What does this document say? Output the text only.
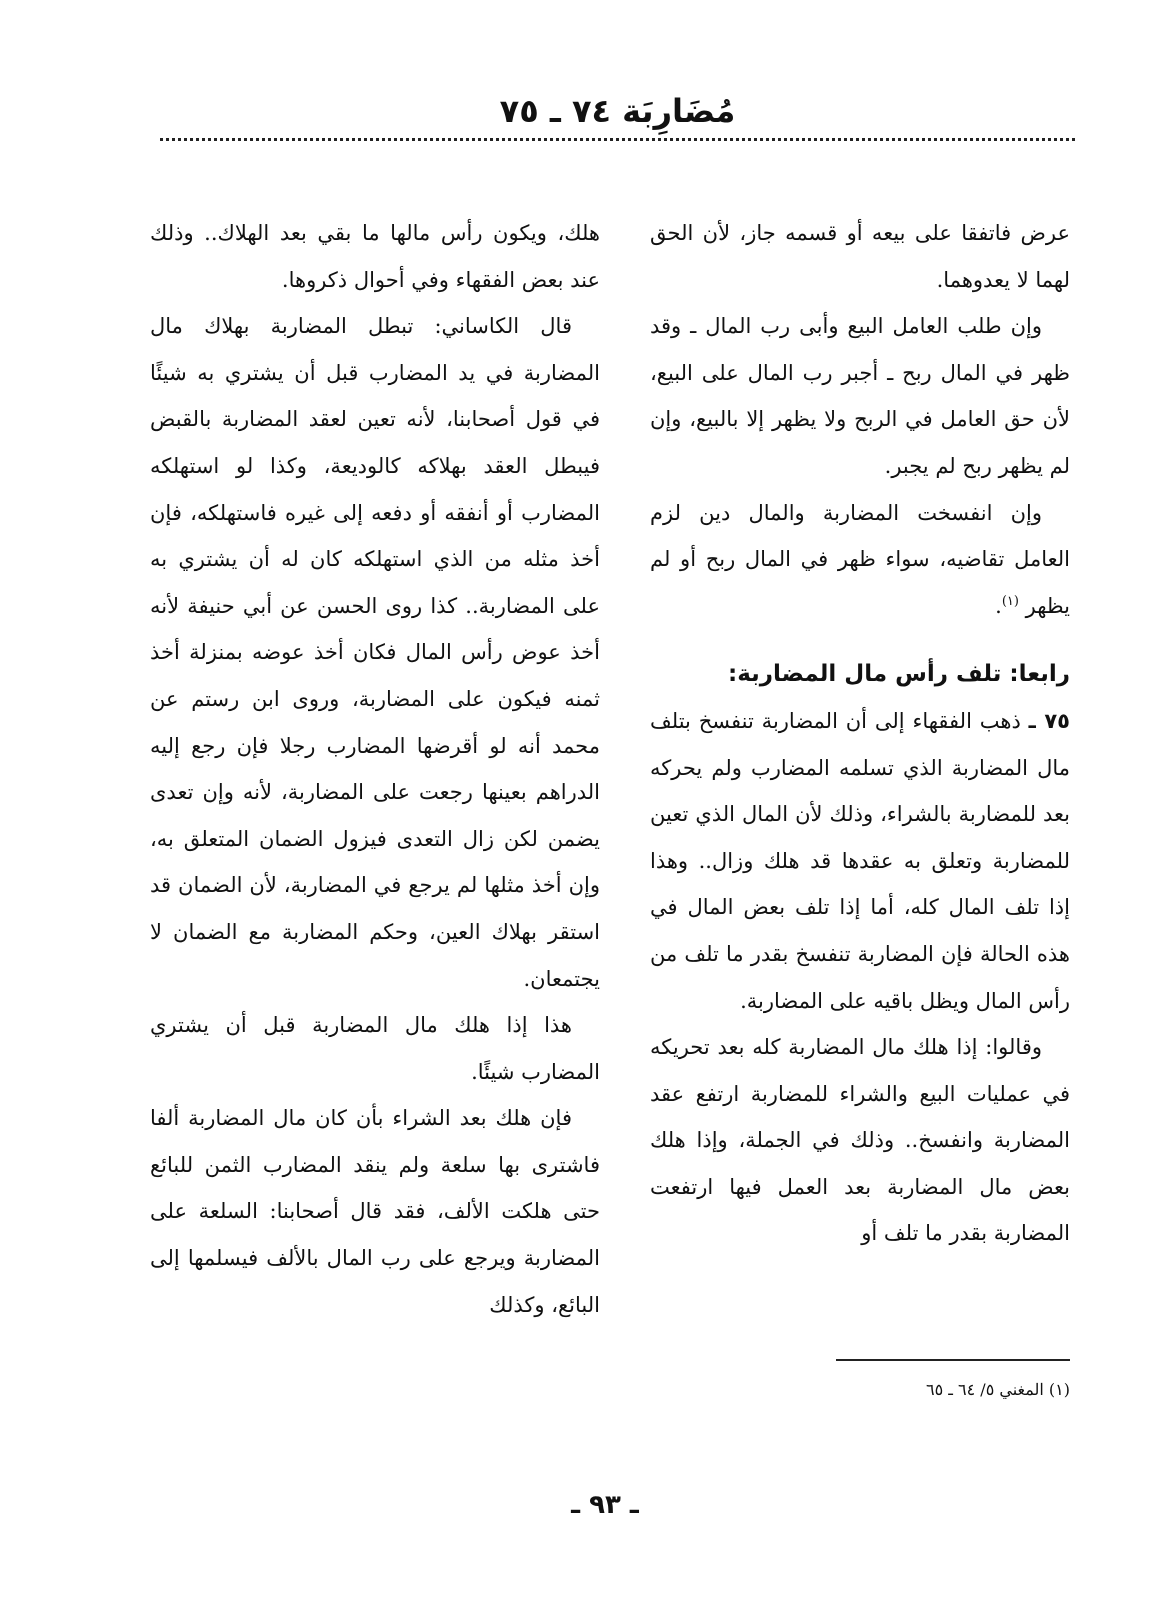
مُضَارِبَة ٧٤ ـ ٧٥

عرض فاتفقا على بيعه أو قسمه جاز، لأن الحق لهما لا يعدوهما.

وإن طلب العامل البيع وأبى رب المال ـ وقد ظهر في المال ربح ـ أجبر رب المال على البيع، لأن حق العامل في الربح ولا يظهر إلا بالبيع، وإن لم يظهر ربح لم يجبر.

وإن انفسخت المضاربة والمال دين لزم العامل تقاضيه، سواء ظهر في المال ربح أو لم يظهر $^{(١)}$.

رابعا: تلف رأس مال المضاربة:

٧٥ ـ ذهب الفقهاء إلى أن المضاربة تنفسخ بتلف مال المضاربة الذي تسلمه المضارب ولم يحركه بعد للمضاربة بالشراء، وذلك لأن المال الذي تعين للمضاربة وتعلق به عقدها قد هلك وزال.. وهذا إذا تلف المال كله، أما إذا تلف بعض المال في هذه الحالة فإن المضاربة تنفسخ بقدر ما تلف من رأس المال ويظل باقيه على المضاربة.

وقالوا: إذا هلك مال المضاربة كله بعد تحريكه في عمليات البيع والشراء للمضاربة ارتفع عقد المضاربة وانفسخ.. وذلك في الجملة، وإذا هلك بعض مال المضاربة بعد العمل فيها ارتفعت المضاربة بقدر ما تلف أو

هلك، ويكون رأس مالها ما بقي بعد الهلاك.. وذلك عند بعض الفقهاء وفي أحوال ذكروها.

قال الكاساني: تبطل المضاربة بهلاك مال المضاربة في يد المضارب قبل أن يشتري به شيئًا في قول أصحابنا، لأنه تعين لعقد المضاربة بالقبض فيبطل العقد بهلاكه كالوديعة، وكذا لو استهلكه المضارب أو أنفقه أو دفعه إلى غيره فاستهلكه، فإن أخذ مثله من الذي استهلكه كان له أن يشتري به على المضاربة.. كذا روى الحسن عن أبي حنيفة لأنه أخذ عوض رأس المال فكان أخذ عوضه بمنزلة أخذ ثمنه فيكون على المضاربة، وروى ابن رستم عن محمد أنه لو أقرضها المضارب رجلا فإن رجع إليه الدراهم بعينها رجعت على المضاربة، لأنه وإن تعدى يضمن لكن زال التعدى فيزول الضمان المتعلق به، وإن أخذ مثلها لم يرجع في المضاربة، لأن الضمان قد استقر بهلاك العين، وحكم المضاربة مع الضمان لا يجتمعان.

هذا إذا هلك مال المضاربة قبل أن يشتري المضارب شيئًا.

فإن هلك بعد الشراء بأن كان مال المضاربة ألفا فاشترى بها سلعة ولم ينقد المضارب الثمن للبائع حتى هلكت الألف، فقد قال أصحابنا: السلعة على المضاربة ويرجع على رب المال بالألف فيسلمها إلى البائع، وكذلك

(١) المغني ٥/ ٦٤ ـ ٦٥
ـ ٩٣ ـ
